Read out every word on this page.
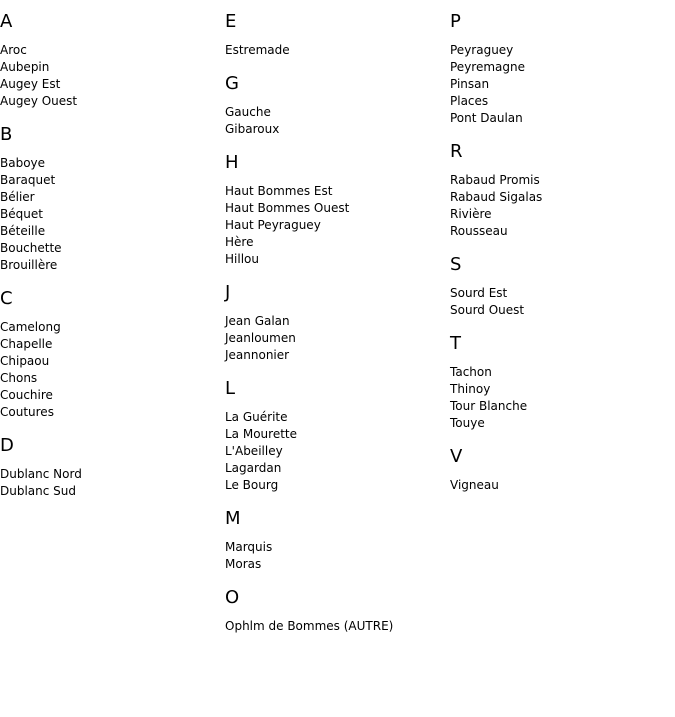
A
Aroc
Aubepin
Augey Est
Augey Ouest
B
Baboye
Baraquet
Bélier
Béquet
Béteille
Bouchette
Brouillère
C
Camelong
Chapelle
Chipaou
Chons
Couchire
Coutures
D
Dublanc Nord
Dublanc Sud
E
Estremade
G
Gauche
Gibaroux
H
Haut Bommes Est
Haut Bommes Ouest
Haut Peyraguey
Hère
Hillou
J
Jean Galan
Jeanloumen
Jeannonier
L
La Guérite
La Mourette
L'Abeilley
Lagardan
Le Bourg
M
Marquis
Moras
O
Ophlm de Bommes (AUTRE)
P
Peyraguey
Peyremagne
Pinsan
Places
Pont Daulan
R
Rabaud Promis
Rabaud Sigalas
Rivière
Rousseau
S
Sourd Est
Sourd Ouest
T
Tachon
Thinoy
Tour Blanche
Touye
V
Vigneau
